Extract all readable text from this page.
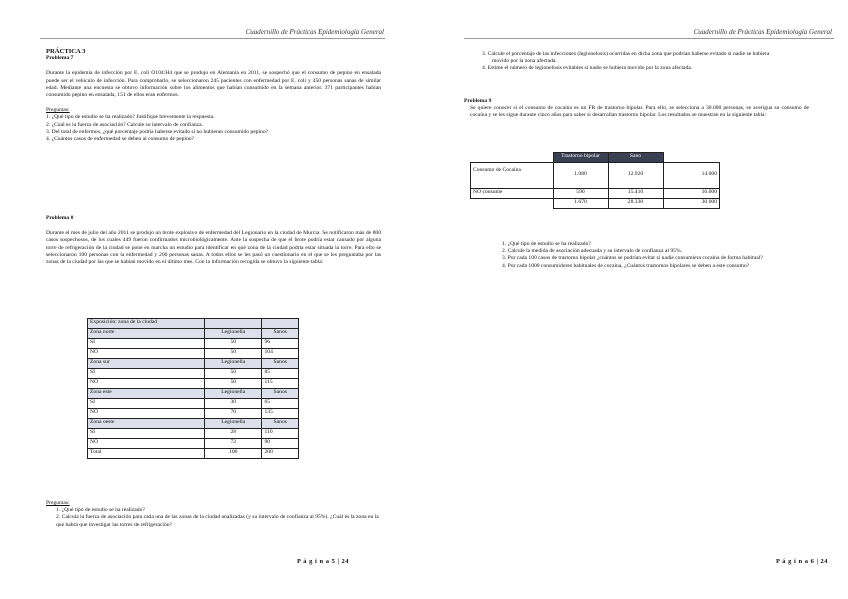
Cuadernillo de Prácticas Epidemiología General

PRÁCTICA 3

Problema 7

Durante la epidemia de infección por E. coli O104:H4 que se produjo en Alemania en 2011, se sospechó que el consumo de pepino en ensalada puede ser el vehículo de infección. Para comprobarlo, se seleccionaron 245 pacientes con enfermedad por E. coli y 450 personas sanas de similar edad. Mediante una encuesta se obtuvo información sobre los alimentos que habían consumido en la semana anterior. 371 participantes habían consumido pepino en ensalada, 151 de ellos eran enfermos.

Preguntas:

1. ¿Qué tipo de estudio se ha realizado? Justifique brevemente la respuesta.

2. ¿Cuál es la fuerza de asociación? Calcule su intervalo de confianza.

3. Del total de enfermos, ¿qué porcentaje podría haberse evitado si no hubieran consumido pepino?

4. ¿Cuántos casos de enfermedad se deben al consumo de pepino?

Problema 8

Durante el mes de julio del año 2011 se produjo un brote explosivo de enfermedad del Legionario en la ciudad de Murcia. Se notificaron más de 800 casos sospechosos, de los cuales 449 fueron confirmados microbiológicamente. Ante la sospecha de que el brote podría estar causado por alguna torre de refrigeración de la ciudad se pone en marcha un estudio para identificar en qué zona de la ciudad podría estar situada la torre. Para ello se seleccionaron 100 personas con la enfermedad y 200 personas sanas. A todos ellos se les pasó un cuestionario en el que se les preguntaba por las zonas de la ciudad por las que se habían movido en el último mes. Con la información recogida se obtuvo la siguiente tabla:

Exposición: zona de la ciudad		
Zona norte	Legionella	Sanos
SI	50	96
NO	50	104
Zona sur	Legionella	Sanos
SI	50	85
NO	50	115
Zona este	Legionella	Sanos
SI	30	65
NO	70	135
Zona oeste	Legionella	Sanos
SI	28	110
NO	72	90
Total	100	200

Preguntas:

1. ¿Qué tipo de estudio se ha realizado?

2. Calcula la fuerza de asociación para cada una de las zonas de la ciudad analizadas (y su intervalo de confianza al 95%). ¿Cuál es la zona en la que habrá que investigar las torres de refrigeración?

P á g i n a 5 | 24
Cuadernillo de Prácticas Epidemiología General

3. Calcule el porcentaje de las infecciones (legionelosis) ocurridas en dicha zona que podrían haberse evitado si nadie se hubiera movido por la zona afectada.

4. Estime el número de legionelosis evitables si nadie se hubiera movido por la zona afectada.

Problema 9

Se quiere conocer si el consumo de cocaína es un FR de trastorno bipolar. Para ello, se selecciona a 30.000 personas, se averigua su consumo de cocaína y se les sigue durante cinco años para saber si desarrollan trastorno bipolar. Los resultados se muestran en la siguiente tabla:

	Trastorno bipolar	Sano	
Consumo de Cocaína	1.080	12.920	14.000
NO consume	590	15.410	16.000
	1.670	28.330	30.000

1. ¿Qué tipo de estudio se ha realizado?

2. Calcule la medida de asociación adecuada y su intervalo de confianza al 95%.

3. Por cada 100 casos de trastorno bipolar ¿cuántos se podrían evitar si nadie consumiera cocaína de forma habitual?

4. Por cada 1000 consumidores habituales de cocaína, ¿Cuántos trastornos bipolares se deben a este consumo?

P á g i n a 6 | 24
